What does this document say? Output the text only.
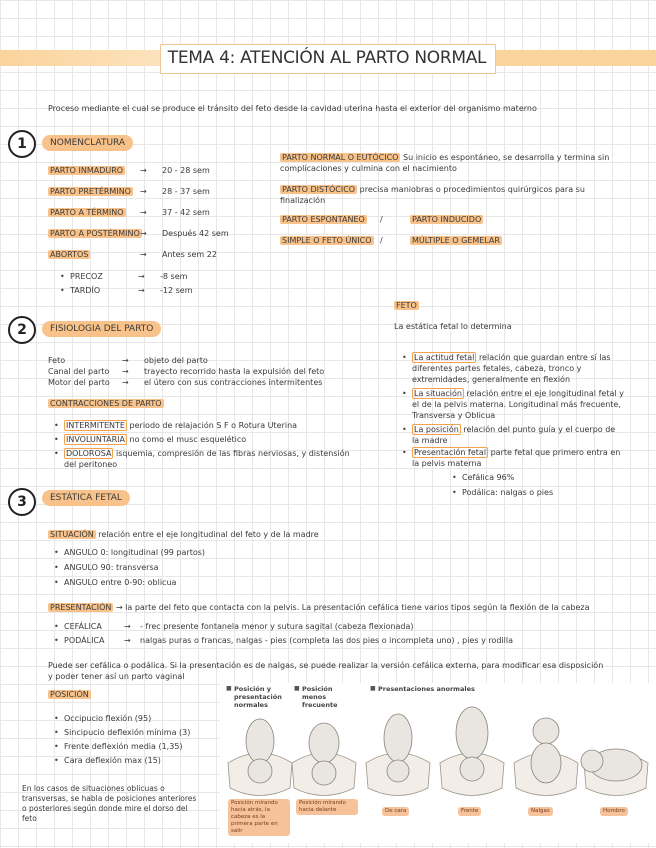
TEMA 4: ATENCIÓN AL PARTO NORMAL
Proceso mediante el cual se produce el tránsito del feto desde la cavidad uterina hasta el exterior del organismo materno
1	NOMENCLATURA
PARTO INMADURO → 20 - 28 sem
PARTO PRETÉRMINO → 28 - 37 sem
PARTO A TÉRMINO → 37 - 42 sem
PARTO A POSTÉRMINO → Después 42 sem
ABORTOS	→ Antes sem 22
• PRECOZ	→ -8 sem
• TARDÍO	→ -12 sem
PARTO NORMAL O EUTÓCICO Su inicio es espontáneo, se desarrolla y termina sin complicaciones y culmina con el nacimiento
PARTO DISTÓCICO precisa maniobras o procedimientos quirúrgicos para su finalización
PARTO ESPONTANEO /	PARTO INDUCIDO
SIMPLE O FETO ÚNICO /	MÚLTIPLE O GEMELAR
2	FISIOLOGIA DEL PARTO
Feto	→ objeto del parto
Canal del parto → trayecto recorrido hasta la expulsión del feto
Motor del parto → el útero con sus contracciones intermitentes
CONTRACCIONES DE PARTO
• INTERMITENTE periodo de relajación S F o Rotura Uterina
• INVOLUNTARIA no como el musc esquelético
• DOLOROSA isquemia, compresión de las fibras nerviosas, y distensión del peritoneo
FETO
La estática fetal lo determina
• La actitud fetal relación que guardan entre sí las diferentes partes fetales, cabeza, tronco y extremidades, generalmente en flexión
• La situación relación entre el eje longitudinal fetal y el de la pelvis materna. Longitudinal más frecuente, Transversa y Oblicua
• La posición relación del punto guía y el cuerpo de la madre
• Presentación fetal parte fetal que primero entra en la pelvis materna
• Cefálica 96%
• Podálica: nalgas o pies
3	ESTÁTICA FETAL
SITUACIÓN relación entre el eje longitudinal del feto y de la madre
• ANGULO 0: longitudinal (99 partos)
• ANGULO 90: transversa
• ANGULO entre 0-90: oblicua
PRESENTACIÓN → la parte del feto que contacta con la pelvis. La presentación cefálica tiene varios tipos según la flexión de la cabeza
• CEFÁLICA	→ - frec presente fontanela menor y sutura sagital (cabeza flexionada)
• PODÁLICA → nalgas puras o francas, nalgas - pies (completa las dos pies o incompleta uno) , pies y rodilla
Puede ser cefálica o podálica. Si la presentación es de nalgas, se puede realizar la versión cefálica externa, para modificar esa disposición y poder tener así un parto vaginal
POSICIÓN
• Occipucio flexión (95)
• Sincipucio deflexión mínima (3)
• Frente deflexión media (1,35)
• Cara deflexión max (15)
En los casos de situaciones oblicuas o transversas, se habla de posiciones anteriores o posteriores según donde mire el dorso del feto
■ Posición y presentación normales
■ Posición menos frecuente
■ Presentaciones anormales
Posición mirando hacia atrás, la cabeza es la primera parte en salir
Posición mirando hacia delante	De cara	Frente	Nalgas	Hombro
